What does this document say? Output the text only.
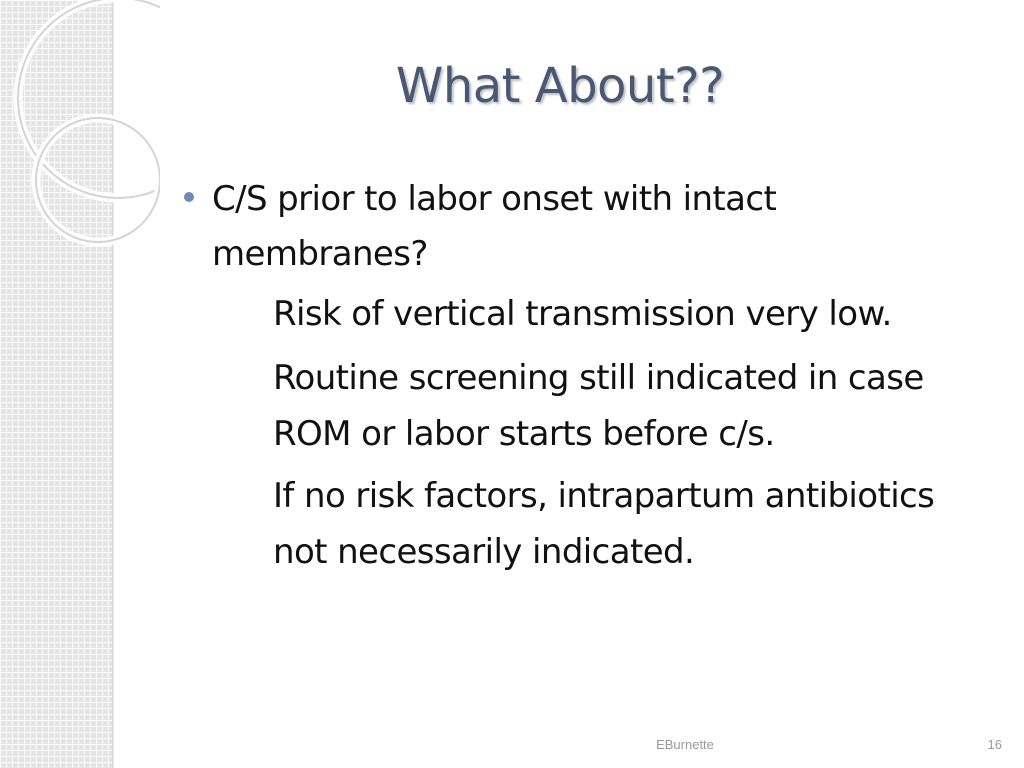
What About??
C/S prior to labor onset with intact membranes?
Risk of vertical transmission very low.
Routine screening still indicated in case ROM or labor starts before c/s.
If no risk factors, intrapartum antibiotics not necessarily indicated.
EBurnette	16
